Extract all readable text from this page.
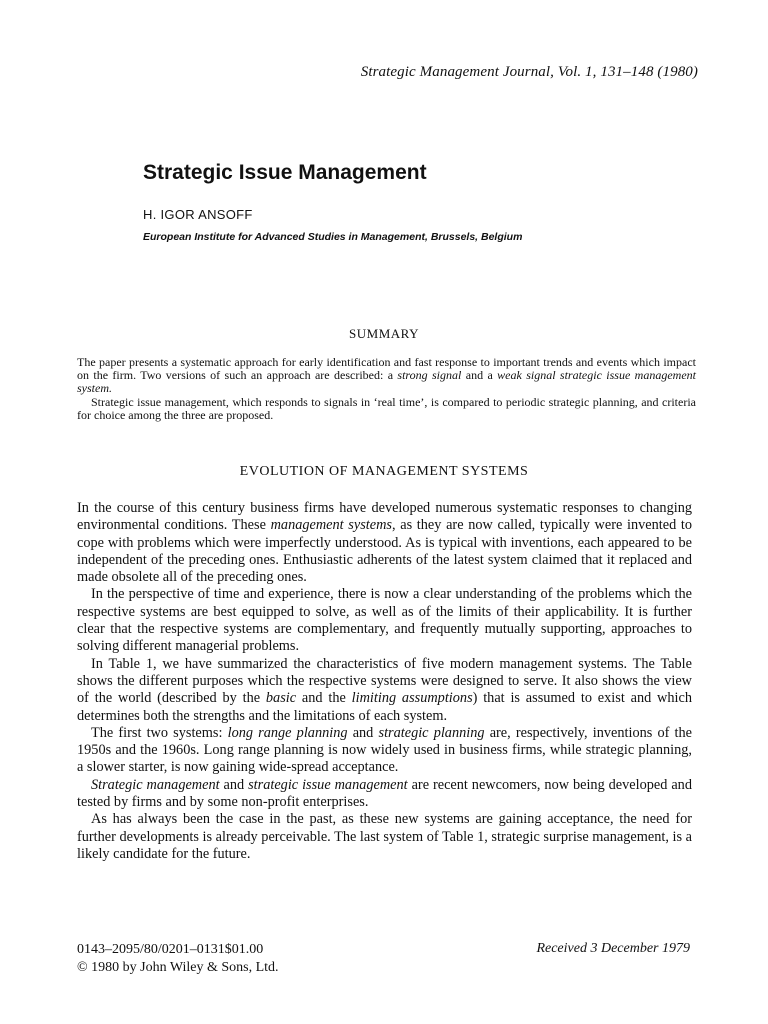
Strategic Management Journal, Vol. 1, 131–148 (1980)
Strategic Issue Management
H. IGOR ANSOFF
European Institute for Advanced Studies in Management, Brussels, Belgium
SUMMARY

The paper presents a systematic approach for early identification and fast response to important trends and events which impact on the firm. Two versions of such an approach are described: a strong signal and a weak signal strategic issue management system.

Strategic issue management, which responds to signals in ‘real time’, is compared to periodic strategic planning, and criteria for choice among the three are proposed.

EVOLUTION OF MANAGEMENT SYSTEMS

In the course of this century business firms have developed numerous systematic responses to changing environmental conditions. These management systems, as they are now called, typically were invented to cope with problems which were imperfectly understood. As is typical with inventions, each appeared to be independent of the preceding ones. Enthusiastic adherents of the latest system claimed that it replaced and made obsolete all of the preceding ones.

In the perspective of time and experience, there is now a clear understanding of the problems which the respective systems are best equipped to solve, as well as of the limits of their applicability. It is further clear that the respective systems are complementary, and frequently mutually supporting, approaches to solving different managerial problems.

In Table 1, we have summarized the characteristics of five modern management systems. The Table shows the different purposes which the respective systems were designed to serve. It also shows the view of the world (described by the basic and the limiting assumptions) that is assumed to exist and which determines both the strengths and the limitations of each system.

The first two systems: long range planning and strategic planning are, respectively, inventions of the 1950s and the 1960s. Long range planning is now widely used in business firms, while strategic planning, a slower starter, is now gaining wide-spread acceptance.

Strategic management and strategic issue management are recent newcomers, now being developed and tested by firms and by some non-profit enterprises.

As has always been the case in the past, as these new systems are gaining acceptance, the need for further developments is already perceivable. The last system of Table 1, strategic surprise management, is a likely candidate for the future.

0143–2095/80/0201–0131$01.00
© 1980 by John Wiley & Sons, Ltd.
Received 3 December 1979
